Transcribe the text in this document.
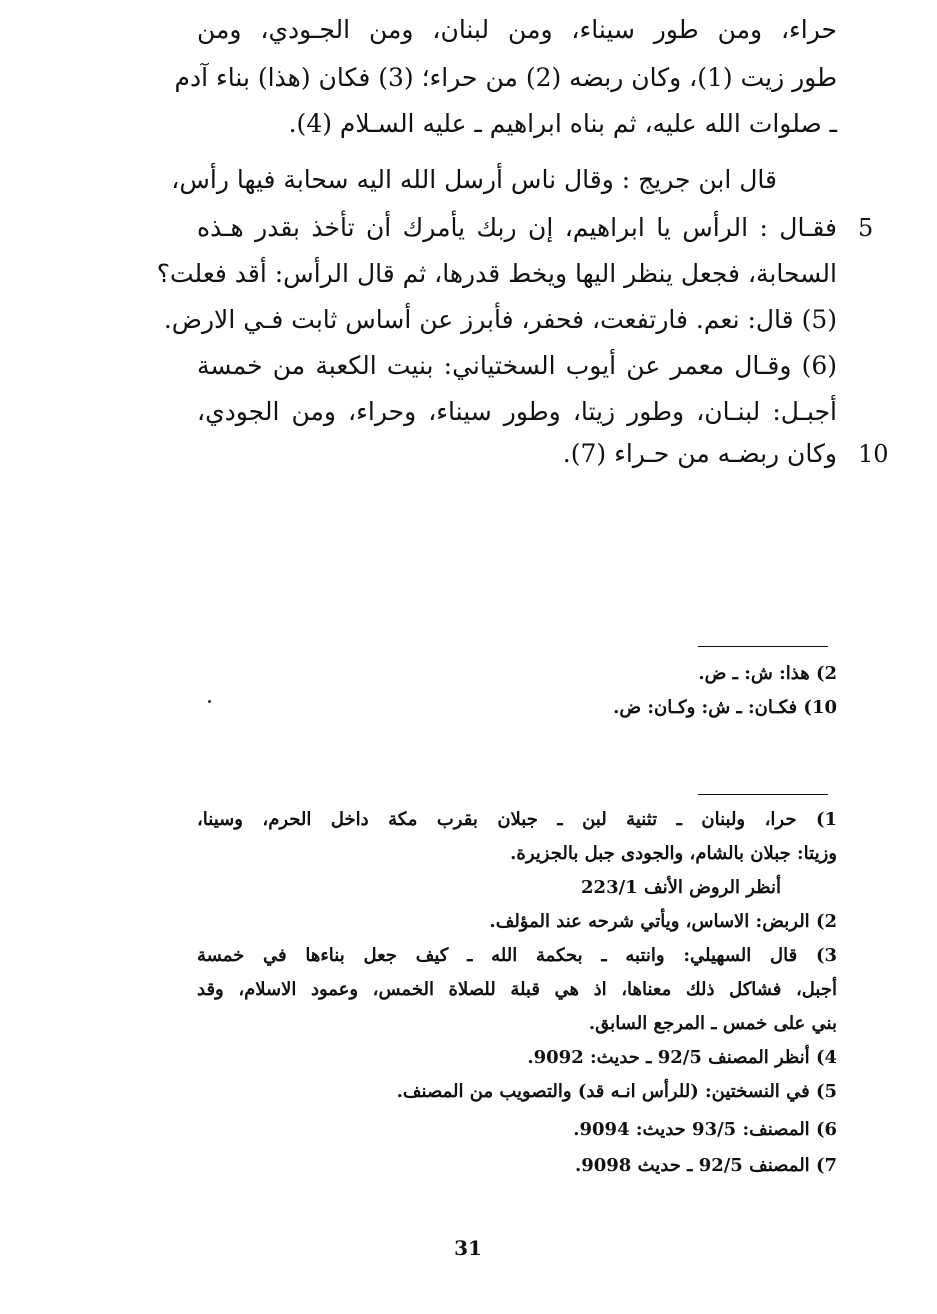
حراء، ومن طور سيناء، ومن لبنان، ومن الجـودي، ومن
طور زيت (1)، وكان ربضه (2) من حراء؛ (3) فكان (هذا) بناء آدم
ـ صلوات الله عليه، ثم بناه ابراهيم ـ عليه السـلام (4).
قال ابن جريج : وقال ناس أرسل الله اليه سحابة فيها رأس،
فقـال : الرأس يا ابراهيم، إن ربك يأمرك أن تأخذ بقدر هـذه
السحابة، فجعل ينظر اليها ويخط قدرها، ثم قال الرأس: أقد فعلت؟
(5) قال: نعم. فارتفعت، فحفر، فأبرز عن أساس ثابت فـي الارض.
(6) وقـال معمر عن أيوب السختياني: بنيت الكعبة من خمسة
أجبـل: لبنـان، وطور زيتا، وطور سيناء، وحراء، ومن الجودي،
وكان ربضـه من حـراء (7).
5
10
2) هذا: ش: ـ ض.
10) فكـان: ـ ش: وكـان: ض.
1) حرا، ولبنان ـ تثنية لبن ـ جبلان بقرب مكة داخل الحرم، وسينا،
وزيتا: جبلان بالشام، والجودى جبل بالجزيرة.
أنظر الروض الأنف 223/1
2) الربض: الاساس، ويأتي شرحه عند المؤلف.
3) قال السهيلي: وانتبه ـ بحكمة الله ـ كيف جعل بناءها في خمسة
أجبل، فشاكل ذلك معناها، اذ هي قبلة للصلاة الخمس، وعمود الاسلام، وقد
بني على خمس ـ المرجع السابق.
4) أنظر المصنف 92/5 ـ حديث: 9092.
5) في النسختين: (للرأس انـه قد) والتصويب من المصنف.
6) المصنف: 93/5 حديث: 9094.
7) المصنف 92/5 ـ حديث 9098.
31
